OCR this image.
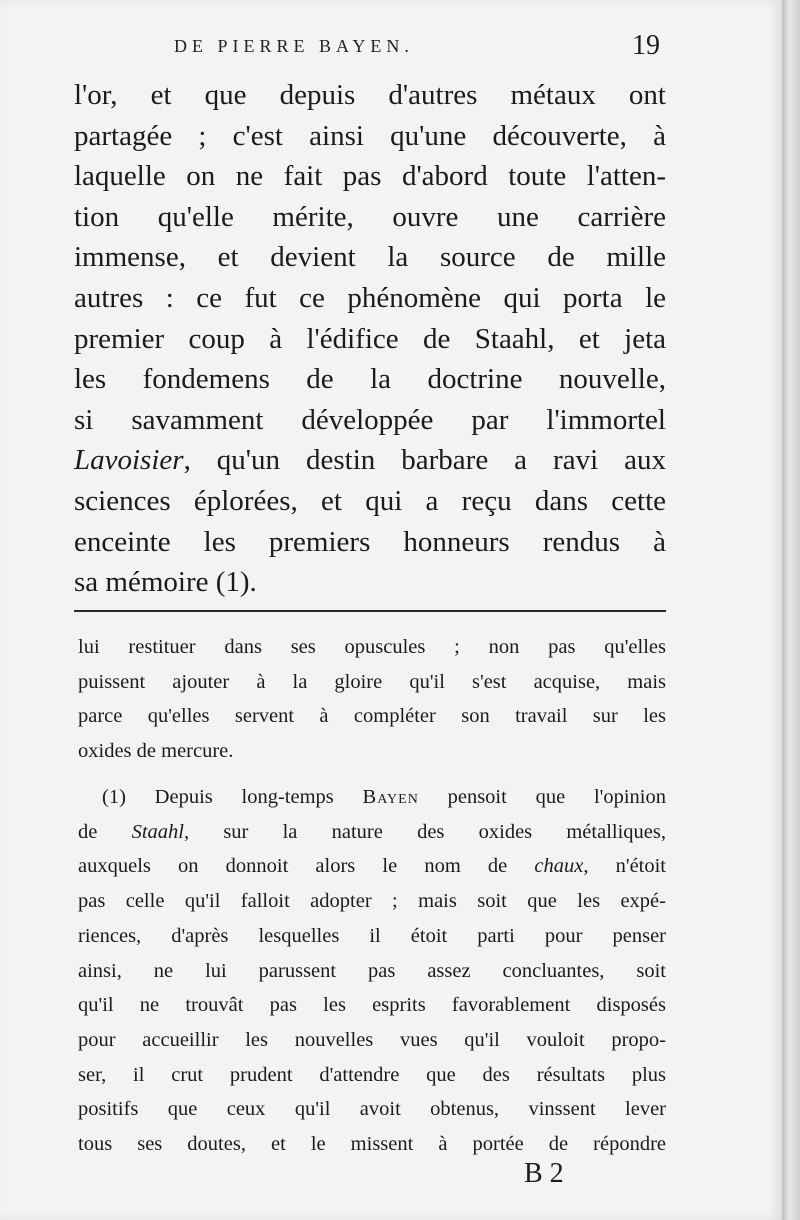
DE PIERRE BAYEN.	19
l'or, et que depuis d'autres métaux ont
partagée ; c'est ainsi qu'une découverte, à
laquelle on ne fait pas d'abord toute l'atten-
tion qu'elle mérite, ouvre une carrière
immense, et devient la source de mille
autres : ce fut ce phénomène qui porta le
premier coup à l'édifice de Staahl, et jeta
les fondemens de la doctrine nouvelle,
si savamment développée par l'immortel
Lavoisier, qu'un destin barbare a ravi aux
sciences éplorées, et qui a reçu dans cette
enceinte les premiers honneurs rendus à
sa mémoire (1).
lui restituer dans ses opuscules ; non pas qu'elles
puissent ajouter à la gloire qu'il s'est acquise, mais
parce qu'elles servent à compléter son travail sur les
oxides de mercure.
(1) Depuis long-temps Bayen pensoit que l'opinion
de Staahl, sur la nature des oxides métalliques,
auxquels on donnoit alors le nom de chaux, n'étoit
pas celle qu'il falloit adopter ; mais soit que les expé-
riences, d'après lesquelles il étoit parti pour penser
ainsi, ne lui parussent pas assez concluantes, soit
qu'il ne trouvât pas les esprits favorablement disposés
pour accueillir les nouvelles vues qu'il vouloit propo-
ser, il crut prudent d'attendre que des résultats plus
positifs que ceux qu'il avoit obtenus, vinssent lever
tous ses doutes, et le missent à portée de répondre
B 2
